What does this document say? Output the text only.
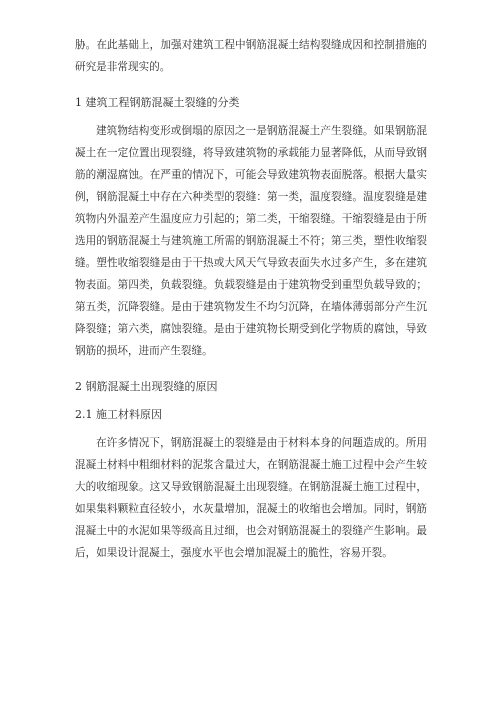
胁。在此基础上，加强对建筑工程中钢筋混凝土结构裂缝成因和控制措施的研究是非常现实的。

1 建筑工程钢筋混凝土裂缝的分类

建筑物结构变形或倒塌的原因之一是钢筋混凝土产生裂缝。如果钢筋混凝土在一定位置出现裂缝，将导致建筑物的承载能力显著降低，从而导致钢筋的潮湿腐蚀。在严重的情况下，可能会导致建筑物表面脱落。根据大量实例，钢筋混凝土中存在六种类型的裂缝：第一类，温度裂缝。温度裂缝是建筑物内外温差产生温度应力引起的；第二类，干缩裂缝。干缩裂缝是由于所选用的钢筋混凝土与建筑施工所需的钢筋混凝土不符；第三类，塑性收缩裂缝。塑性收缩裂缝是由于干热或大风天气导致表面失水过多产生，多在建筑物表面。第四类，负载裂缝。负载裂缝是由于建筑物受到重型负载导致的；第五类，沉降裂缝。是由于建筑物发生不均匀沉降，在墙体薄弱部分产生沉降裂缝；第六类，腐蚀裂缝。是由于建筑物长期受到化学物质的腐蚀，导致钢筋的损坏，进而产生裂缝。

2 钢筋混凝土出现裂缝的原因
2.1 施工材料原因

在许多情况下，钢筋混凝土的裂缝是由于材料本身的问题造成的。所用混凝土材料中粗细材料的泥浆含量过大，在钢筋混凝土施工过程中会产生较大的收缩现象。这又导致钢筋混凝土出现裂缝。在钢筋混凝土施工过程中，如果集料颗粒直径较小，水灰量增加，混凝土的收缩也会增加。同时，钢筋混凝土中的水泥如果等级高且过细，也会对钢筋混凝土的裂缝产生影响。最后，如果设计混凝土，强度水平也会增加混凝土的脆性，容易开裂。
